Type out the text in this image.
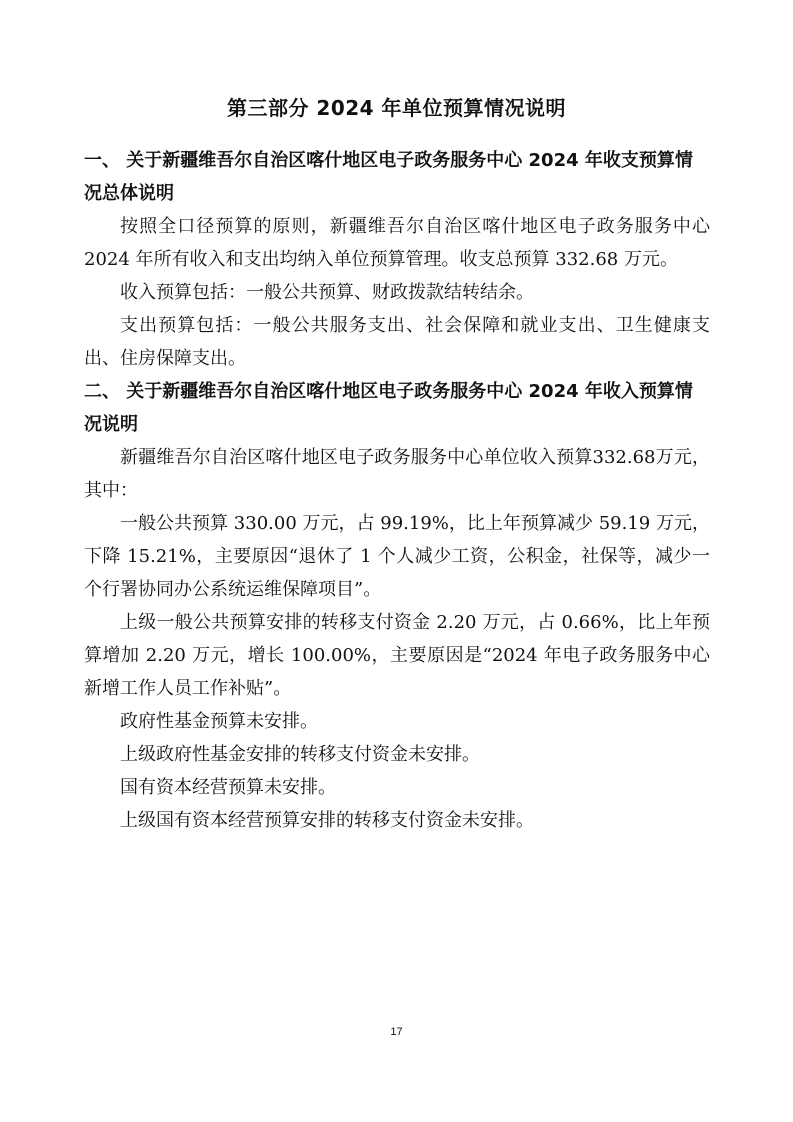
第三部分 2024 年单位预算情况说明

一、 关于新疆维吾尔自治区喀什地区电子政务服务中心 2024 年收支预算情况总体说明

按照全口径预算的原则，新疆维吾尔自治区喀什地区电子政务服务中心 2024 年所有收入和支出均纳入单位预算管理。收支总预算 332.68 万元。

收入预算包括：一般公共预算、财政拨款结转结余。

支出预算包括：一般公共服务支出、社会保障和就业支出、卫生健康支出、住房保障支出。

二、 关于新疆维吾尔自治区喀什地区电子政务服务中心 2024 年收入预算情况说明

新疆维吾尔自治区喀什地区电子政务服务中心单位收入预算332.68万元，其中：

一般公共预算 330.00 万元，占 99.19%，比上年预算减少 59.19 万元，下降 15.21%，主要原因“退休了 1 个人减少工资，公积金，社保等，减少一个行署协同办公系统运维保障项目”。

上级一般公共预算安排的转移支付资金 2.20 万元，占 0.66%，比上年预算增加 2.20 万元，增长 100.00%，主要原因是“2024 年电子政务服务中心新增工作人员工作补贴”。

政府性基金预算未安排。

上级政府性基金安排的转移支付资金未安排。

国有资本经营预算未安排。

上级国有资本经营预算安排的转移支付资金未安排。

17
